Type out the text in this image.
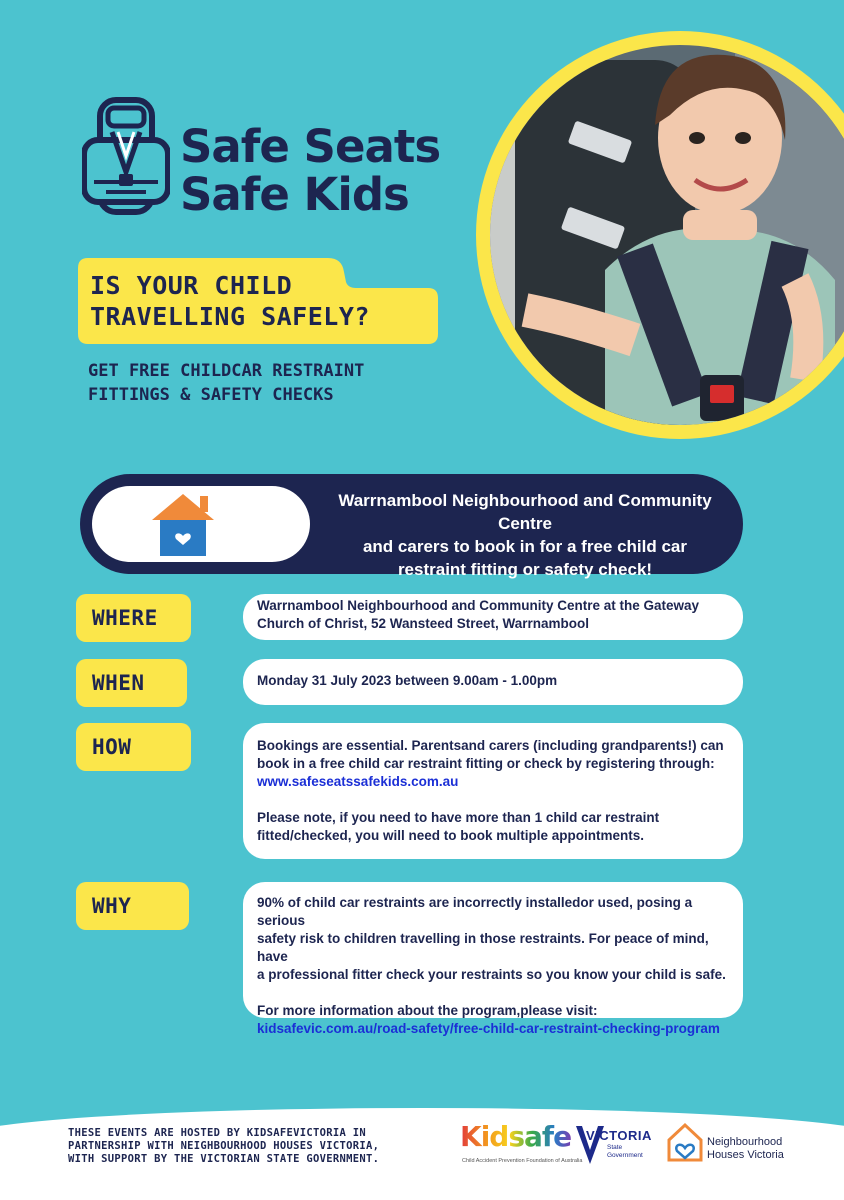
Safe Seats
Safe Kids
IS YOUR CHILD
TRAVELLING SAFELY?
GET FREE CHILDCAR RESTRAINT
FITTINGS & SAFETY CHECKS
Warrnambool Neighbourhood and Community Centre
and carers to book in for a free child car
restraint fitting or safety check!
WHERE
Warrnambool Neighbourhood and Community Centre at the Gateway
Church of Christ, 52 Wansteed Street, Warrnambool
WHEN	Monday 31 July 2023 between 9.00am - 1.00pm
HOW	Bookings are essential. Parentsand carers (including grandparents!) can
book in a free child car restraint fitting or check by registering through:
www.safeseatssafekids.com.au
Please note, if you need to have more than 1 child car restraint
fitted/checked, you will need to book multiple appointments.
WHY	90% of child car restraints are incorrectly installedor used, posing a serious
safety risk to children travelling in those restraints. For peace of mind, have
a professional fitter check your restraints so you know your child is safe.
For more information about the program,please visit:
kidsafevic.com.au/road-safety/free-child-car-restraint-checking-program
THESE EVENTS ARE HOSTED BY KIDSAFEVICTORIA IN
PARTNERSHIP WITH NEIGHBOURHOOD HOUSES VICTORIA,
WITH SUPPORT BY THE VICTORIAN STATE GOVERNMENT.
Kidsafe
Child Accident Prevention Foundation of Australia
VICTORIA
State
Government
Neighbourhood
Houses Victoria
